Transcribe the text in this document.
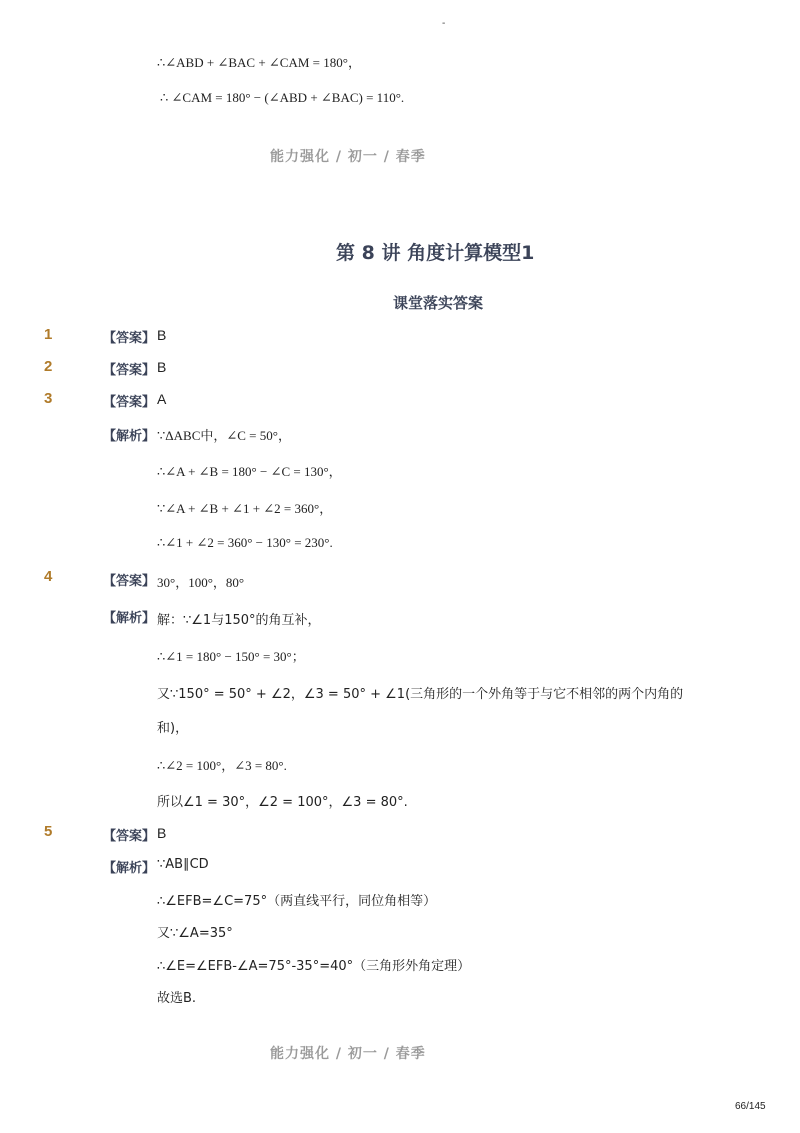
-
∴∠ABD + ∠BAC + ∠CAM = 180°，
∴ ∠CAM = 180° − (∠ABD + ∠BAC) = 110°.
能力强化 / 初一 / 春季
第 8 讲 角度计算模型1
课堂落实答案
1	【答案】 B
2	【答案】 B
3	【答案】 A
【解析】 ∵ΔABC中，∠C = 50°，
∴∠A + ∠B = 180° − ∠C = 130°，
∵∠A + ∠B + ∠1 + ∠2 = 360°，
∴∠1 + ∠2 = 360° − 130° = 230°.
4	【答案】 30°，100°，80°
【解析】 解：∵∠1与150°的角互补，
∴∠1 = 180° − 150° = 30°；
又∵150° = 50° + ∠2，∠3 = 50° + ∠1(三角形的一个外角等于与它不相邻的两个内角的
和)，
∴∠2 = 100°，∠3 = 80°.
所以∠1 = 30°，∠2 = 100°，∠3 = 80°.
5	【答案】 B
【解析】 ∵AB∥CD
∴∠EFB=∠C=75°（两直线平行，同位角相等）
又∵∠A=35°
∴∠E=∠EFB-∠A=75°-35°=40°（三角形外角定理）
故选B.
能力强化 / 初一 / 春季
66/145
